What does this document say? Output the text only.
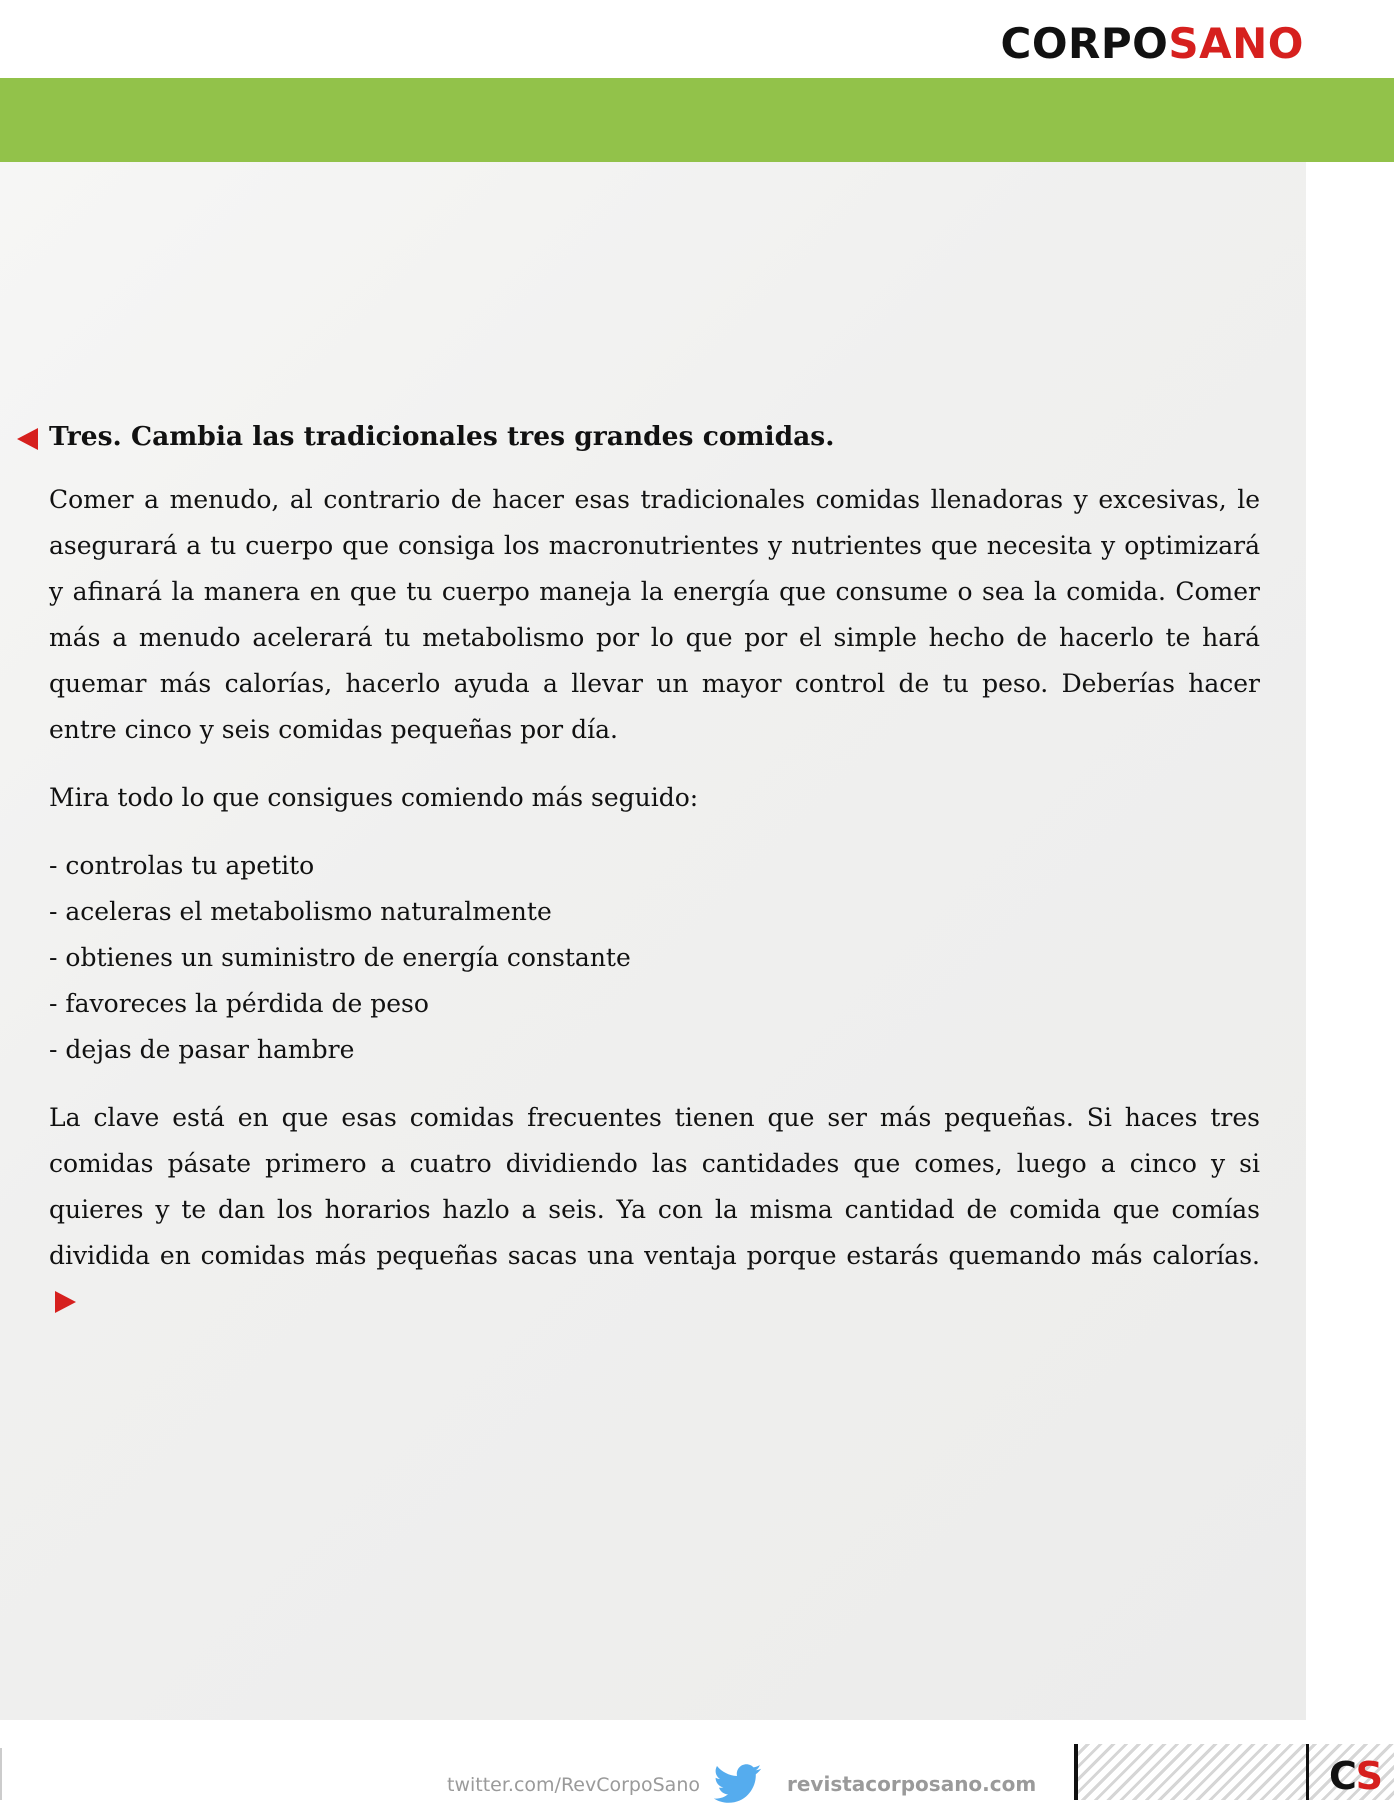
CORPOSANO
Tres. Cambia las tradicionales tres grandes comidas.

Comer a menudo, al contrario de hacer esas tradicionales comidas llenadoras y excesivas, le asegurará a tu cuerpo que consiga los macronutrientes y nutrientes que necesita y optimizará y afinará la manera en que tu cuerpo maneja la energía que consume o sea la comida. Comer más a menudo acelerará tu metabolismo por lo que por el simple hecho de hacerlo te hará quemar más calorías, hacerlo ayuda a llevar un mayor control de tu peso. Deberías hacer entre cinco y seis comidas pequeñas por día.

Mira todo lo que consigues comiendo más seguido:

- controlas tu apetito
- aceleras el metabolismo naturalmente
- obtienes un suministro de energía constante
- favoreces la pérdida de peso
- dejas de pasar hambre

La clave está en que esas comidas frecuentes tienen que ser más pequeñas. Si haces tres comidas pásate primero a cuatro dividiendo las cantidades que comes, luego a cinco y si quieres y te dan los horarios hazlo a seis. Ya con la misma cantidad de comida que comías dividida en comidas más pequeñas sacas una ventaja porque estarás quemando más calorías.

twitter.com/RevCorpoSano	revistacorposano.com	CS
